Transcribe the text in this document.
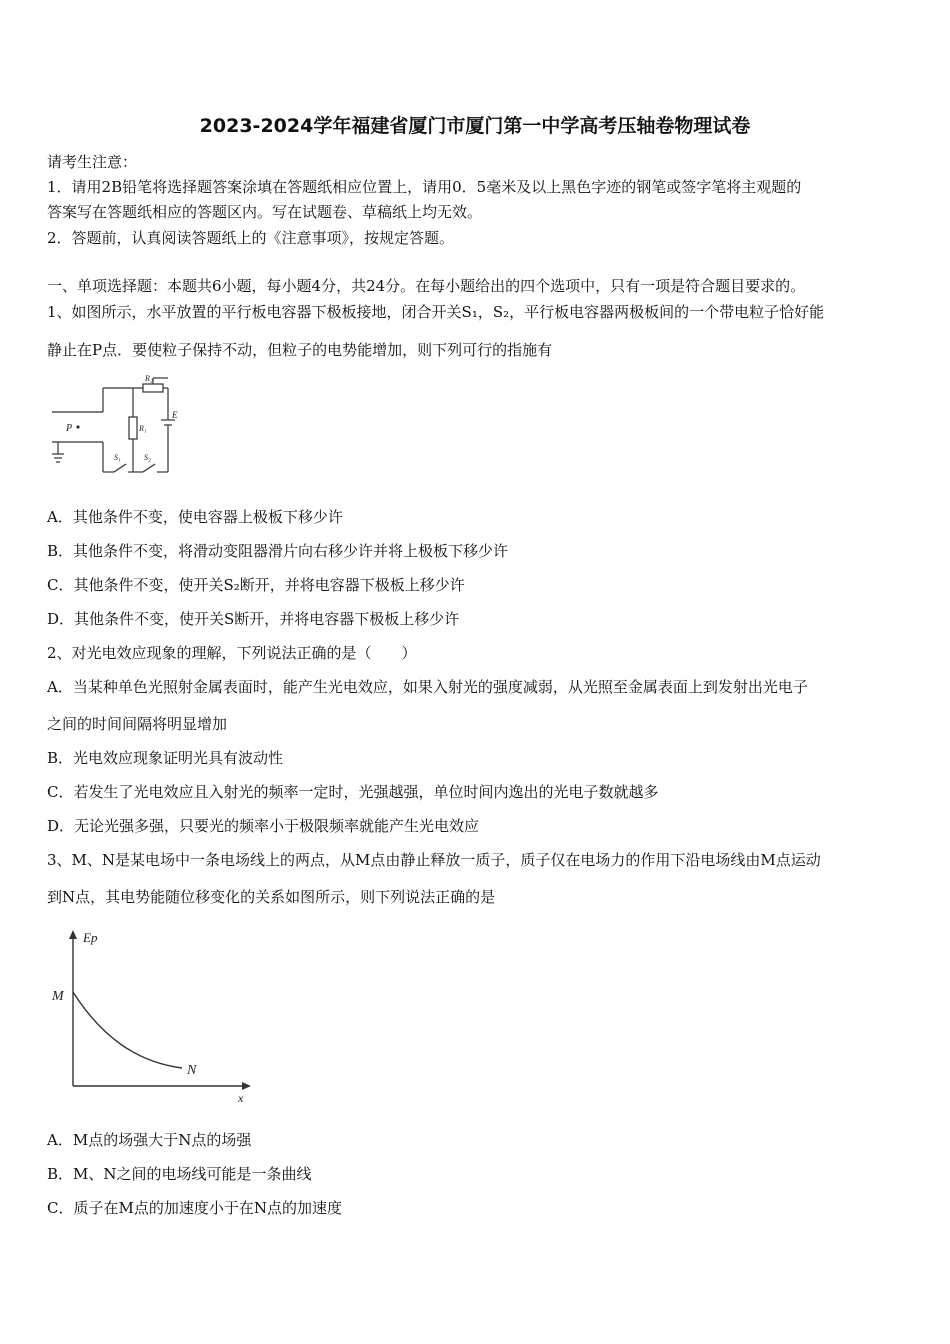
2023-2024学年福建省厦门市厦门第一中学高考压轴卷物理试卷
请考生注意：
1．请用2B铅笔将选择题答案涂填在答题纸相应位置上，请用0．5毫米及以上黑色字迹的钢笔或签字笔将主观题的
答案写在答题纸相应的答题区内。写在试题卷、草稿纸上均无效。
2．答题前，认真阅读答题纸上的《注意事项》，按规定答题。
一、单项选择题：本题共6小题，每小题4分，共24分。在每小题给出的四个选项中，只有一项是符合题目要求的。
1、如图所示，水平放置的平行板电容器下极板接地，闭合开关S₁，S₂，平行板电容器两极板间的一个带电粒子恰好能
静止在P点．要使粒子保持不动，但粒子的电势能增加，则下列可行的指施有
P
R₂
R₁
E
S₁	S₂
A．其他条件不变，使电容器上极板下移少许
B．其他条件不变，将滑动变阻器滑片向右移少许并将上极板下移少许
C．其他条件不变，使开关S₂断开，并将电容器下极板上移少许
D．其他条件不变，使开关S断开，并将电容器下极板上移少许
2、对光电效应现象的理解，下列说法正确的是（　　）
A．当某种单色光照射金属表面时，能产生光电效应，如果入射光的强度减弱，从光照至金属表面上到发射出光电子
之间的时间间隔将明显增加
B．光电效应现象证明光具有波动性
C．若发生了光电效应且入射光的频率一定时，光强越强，单位时间内逸出的光电子数就越多
D．无论光强多强，只要光的频率小于极限频率就能产生光电效应
3、M、N是某电场中一条电场线上的两点，从M点由静止释放一质子，质子仅在电场力的作用下沿电场线由M点运动
到N点，其电势能随位移变化的关系如图所示，则下列说法正确的是
Ep
M
N
x
A．M点的场强大于N点的场强
B．M、N之间的电场线可能是一条曲线
C．质子在M点的加速度小于在N点的加速度
